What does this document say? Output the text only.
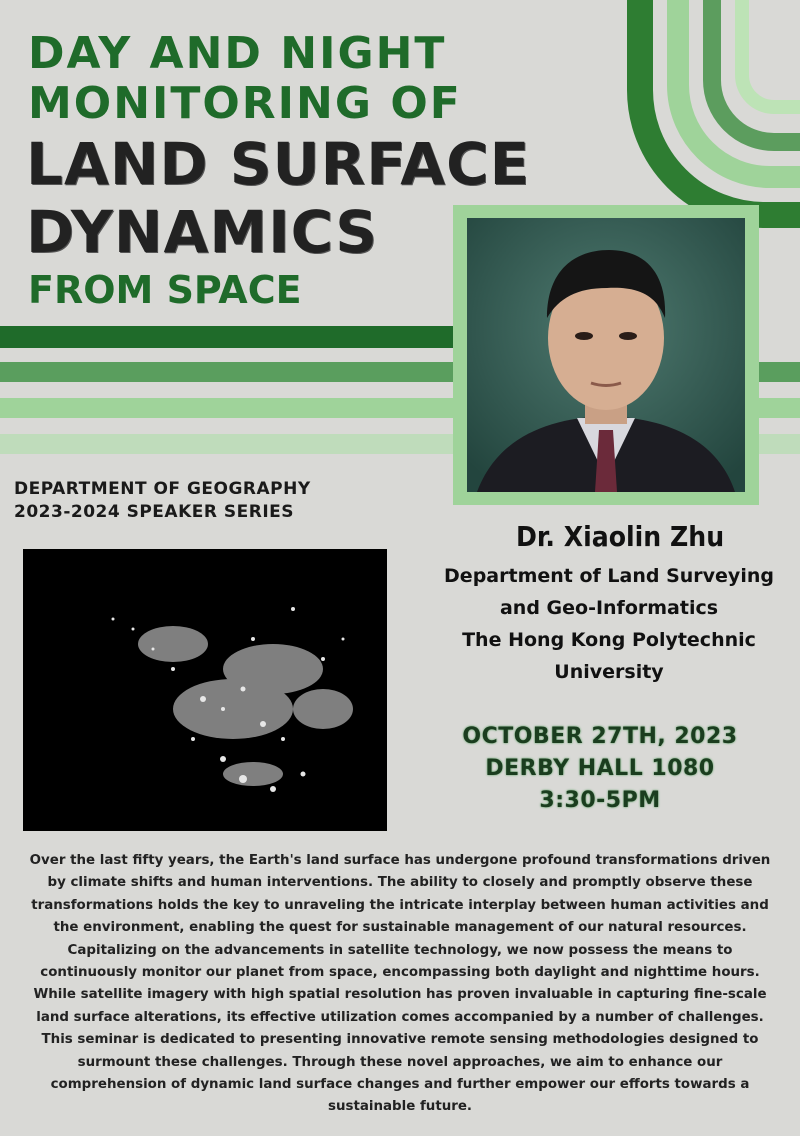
DAY AND NIGHT
MONITORING OF
LAND SURFACE
DYNAMICS
FROM SPACE
DEPARTMENT OF GEOGRAPHY
2023-2024 SPEAKER SERIES
Dr. Xiaolin Zhu
Department of Land Surveying
and Geo-Informatics
The Hong Kong Polytechnic
University
OCTOBER 27TH, 2023
DERBY HALL 1080
3:30-5PM
Over the last fifty years, the Earth's land surface has undergone profound transformations driven by climate shifts and human interventions. The ability to closely and promptly observe these transformations holds the key to unraveling the intricate interplay between human activities and the environment, enabling the quest for sustainable management of our natural resources. Capitalizing on the advancements in satellite technology, we now possess the means to continuously monitor our planet from space, encompassing both daylight and nighttime hours. While satellite imagery with high spatial resolution has proven invaluable in capturing fine-scale land surface alterations, its effective utilization comes accompanied by a number of challenges. This seminar is dedicated to presenting innovative remote sensing methodologies designed to surmount these challenges. Through these novel approaches, we aim to enhance our comprehension of dynamic land surface changes and further empower our efforts towards a sustainable future.
